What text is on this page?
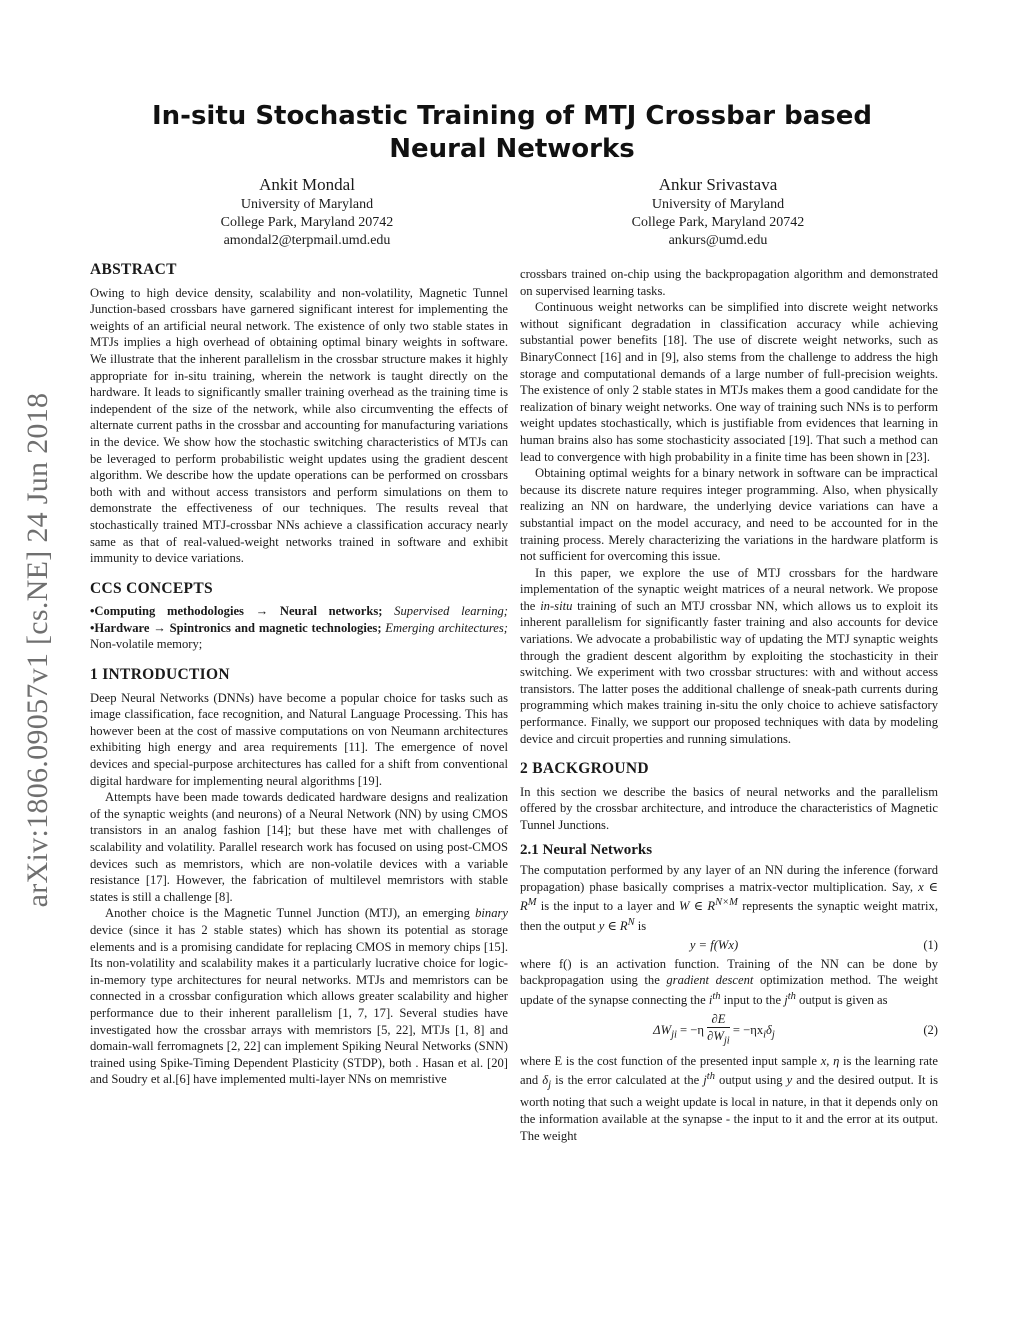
arXiv:1806.09057v1 [cs.NE] 24 Jun 2018
In-situ Stochastic Training of MTJ Crossbar based Neural Networks
Ankit Mondal
University of Maryland
College Park, Maryland 20742
amondal2@terpmail.umd.edu
Ankur Srivastava
University of Maryland
College Park, Maryland 20742
ankurs@umd.edu
ABSTRACT

Owing to high device density, scalability and non-volatility, Magnetic Tunnel Junction-based crossbars have garnered significant interest for implementing the weights of an artificial neural network. The existence of only two stable states in MTJs implies a high overhead of obtaining optimal binary weights in software. We illustrate that the inherent parallelism in the crossbar structure makes it highly appropriate for in-situ training, wherein the network is taught directly on the hardware. It leads to significantly smaller training overhead as the training time is independent of the size of the network, while also circumventing the effects of alternate current paths in the crossbar and accounting for manufacturing variations in the device. We show how the stochastic switching characteristics of MTJs can be leveraged to perform probabilistic weight updates using the gradient descent algorithm. We describe how the update operations can be performed on crossbars both with and without access transistors and perform simulations on them to demonstrate the effectiveness of our techniques. The results reveal that stochastically trained MTJ-crossbar NNs achieve a classification accuracy nearly same as that of real-valued-weight networks trained in software and exhibit immunity to device variations.

CCS CONCEPTS
•Computing methodologies → Neural networks; Supervised learning; •Hardware → Spintronics and magnetic technologies; Emerging architectures; Non-volatile memory;
1 INTRODUCTION

Deep Neural Networks (DNNs) have become a popular choice for tasks such as image classification, face recognition, and Natural Language Processing. This has however been at the cost of massive computations on von Neumann architectures exhibiting high energy and area requirements [11]. The emergence of novel devices and special-purpose architectures has called for a shift from conventional digital hardware for implementing neural algorithms [19].

Attempts have been made towards dedicated hardware designs and realization of the synaptic weights (and neurons) of a Neural Network (NN) by using CMOS transistors in an analog fashion [14]; but these have met with challenges of scalability and volatility. Parallel research work has focused on using post-CMOS devices such as memristors, which are non-volatile devices with a variable resistance [17]. However, the fabrication of multilevel memristors with stable states is still a challenge [8].

Another choice is the Magnetic Tunnel Junction (MTJ), an emerging binary device (since it has 2 stable states) which has shown its potential as storage elements and is a promising candidate for replacing CMOS in memory chips [15]. Its non-volatility and scalability makes it a particularly lucrative choice for logic-in-memory type architectures for neural networks. MTJs and memristors can be connected in a crossbar configuration which allows greater scalability and higher performance due to their inherent parallelism [1, 7, 17]. Several studies have investigated how the crossbar arrays with memristors [5, 22], MTJs [1, 8] and domain-wall ferromagnets [2, 22] can implement Spiking Neural Networks (SNN) trained using Spike-Timing Dependent Plasticity (STDP), both . Hasan et al. [20] and Soudry et al.[6] have implemented multi-layer NNs on memristive

crossbars trained on-chip using the backpropagation algorithm and demonstrated on supervised learning tasks.

Continuous weight networks can be simplified into discrete weight networks without significant degradation in classification accuracy while achieving substantial power benefits [18]. The use of discrete weight networks, such as BinaryConnect [16] and in [9], also stems from the challenge to address the high storage and computational demands of a large number of full-precision weights. The existence of only 2 stable states in MTJs makes them a good candidate for the realization of binary weight networks. One way of training such NNs is to perform weight updates stochastically, which is justifiable from evidences that learning in human brains also has some stochasticity associated [19]. That such a method can lead to convergence with high probability in a finite time has been shown in [23].

Obtaining optimal weights for a binary network in software can be impractical because its discrete nature requires integer programming. Also, when physically realizing an NN on hardware, the underlying device variations can have a substantial impact on the model accuracy, and need to be accounted for in the training process. Merely characterizing the variations in the hardware platform is not sufficient for overcoming this issue.

In this paper, we explore the use of MTJ crossbars for the hardware implementation of the synaptic weight matrices of a neural network. We propose the in-situ training of such an MTJ crossbar NN, which allows us to exploit its inherent parallelism for significantly faster training and also accounts for device variations. We advocate a probabilistic way of updating the MTJ synaptic weights through the gradient descent algorithm by exploiting the stochasticity in their switching. We experiment with two crossbar structures: with and without access transistors. The latter poses the additional challenge of sneak-path currents during programming which makes training in-situ the only choice to achieve satisfactory performance. Finally, we support our proposed techniques with data by modeling device and circuit properties and running simulations.

2 BACKGROUND

In this section we describe the basics of neural networks and the parallelism offered by the crossbar architecture, and introduce the characteristics of Magnetic Tunnel Junctions.

2.1 Neural Networks

The computation performed by any layer of an NN during the inference (forward propagation) phase basically comprises a matrix-vector multiplication. Say, x ∈ $R^M$ is the input to a layer and W ∈ $R^{N\times M}$ represents the synaptic weight matrix, then the output y ∈ $R^N$ is

y = f(Wx)	(1)

where f() is an activation function. Training of the NN can be done by backpropagation using the gradient descent optimization method. The weight update of the synapse connecting the $i^{th}$ input to the $j^{th}$ output is given as

$\Delta W_{ji} = -\eta \frac{\partial E}{\partial W_{ji}} = -\eta x_i\delta_j$	(2)

where E is the cost function of the presented input sample x, η is the learning rate and $\delta_j$ is the error calculated at the $j^{th}$ output using y and the desired output. It is worth noting that such a weight update is local in nature, in that it depends only on the information available at the synapse - the input to it and the error at its output. The weight
